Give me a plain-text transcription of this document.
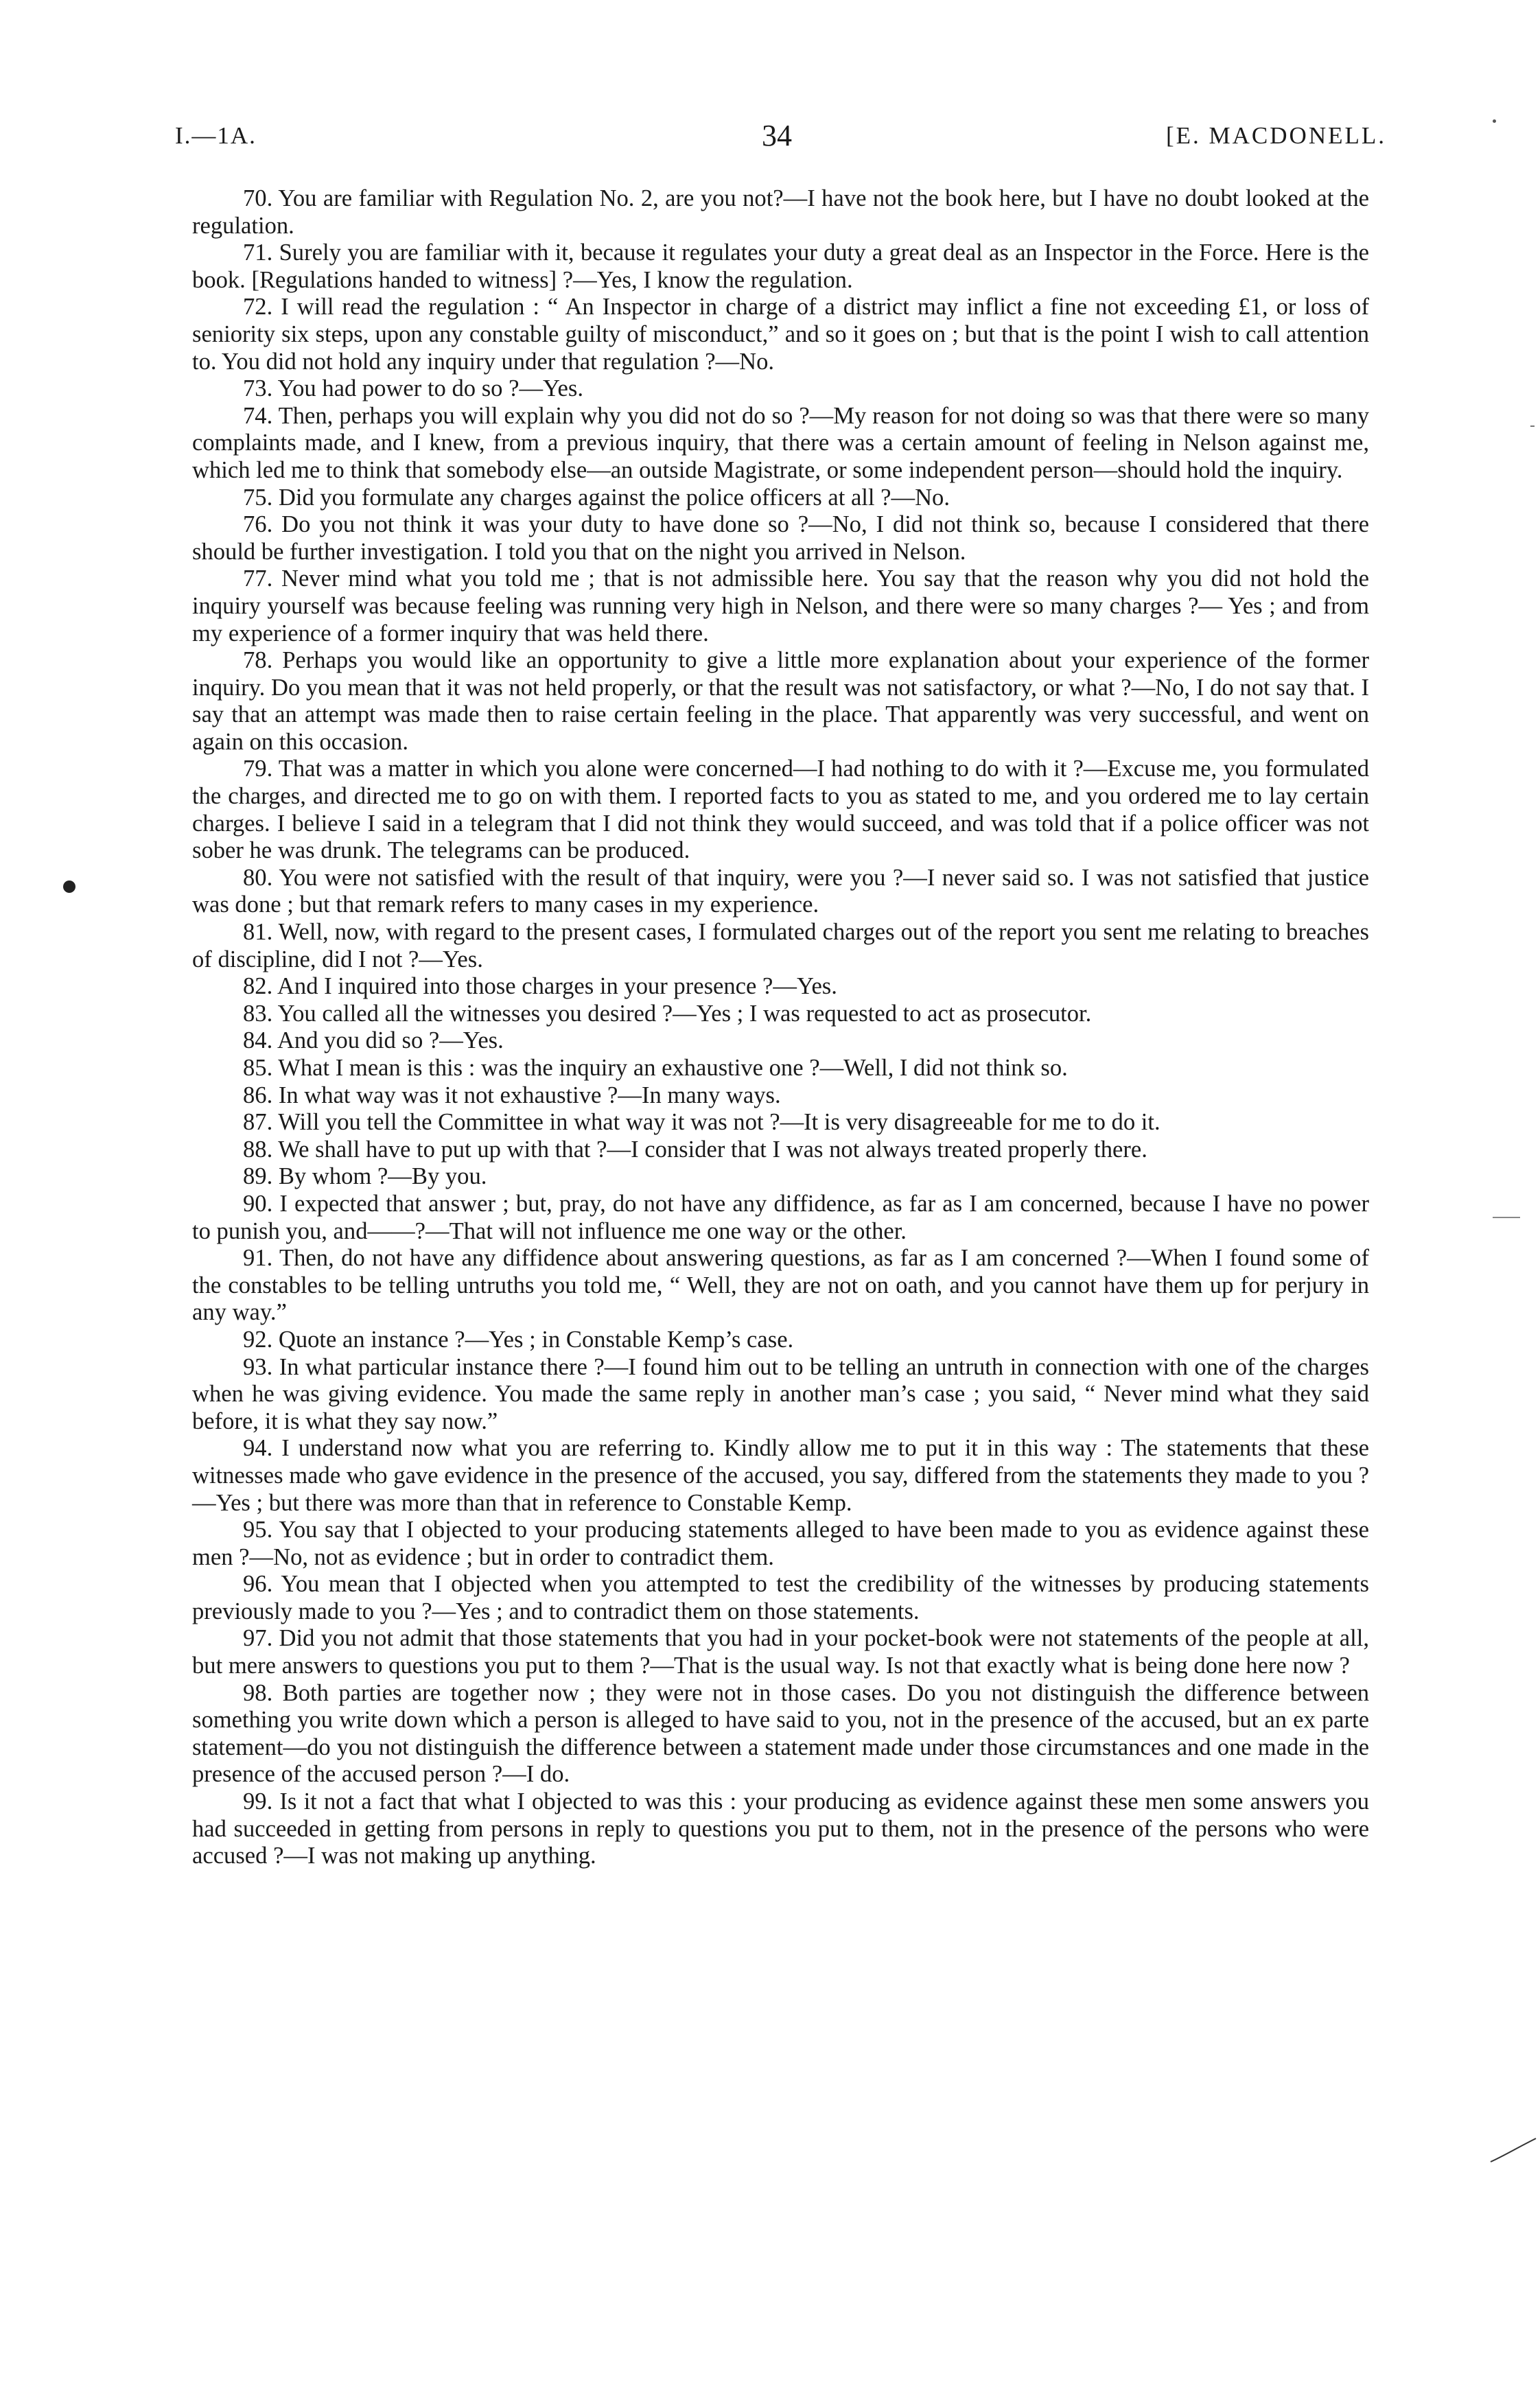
I.—1A.	34	[E. MACDONELL.

70. You are familiar with Regulation No. 2, are you not?—I have not the book here, but I have no doubt looked at the regulation.

71. Surely you are familiar with it, because it regulates your duty a great deal as an Inspector in the Force. Here is the book. [Regulations handed to witness] ?—Yes, I know the regulation.

72. I will read the regulation : “ An Inspector in charge of a district may inflict a fine not exceeding £1, or loss of seniority six steps, upon any constable guilty of misconduct,” and so it goes on ; but that is the point I wish to call attention to. You did not hold any inquiry under that regulation ?—No.

73. You had power to do so ?—Yes.

74. Then, perhaps you will explain why you did not do so ?—My reason for not doing so was that there were so many complaints made, and I knew, from a previous inquiry, that there was a certain amount of feeling in Nelson against me, which led me to think that somebody else—an outside Magistrate, or some independent person—should hold the inquiry.

75. Did you formulate any charges against the police officers at all ?—No.

76. Do you not think it was your duty to have done so ?—No, I did not think so, because I considered that there should be further investigation. I told you that on the night you arrived in Nelson.

77. Never mind what you told me ; that is not admissible here. You say that the reason why you did not hold the inquiry yourself was because feeling was running very high in Nelson, and there were so many charges ?— Yes ; and from my experience of a former inquiry that was held there.

78. Perhaps you would like an opportunity to give a little more explanation about your experience of the former inquiry. Do you mean that it was not held properly, or that the result was not satisfactory, or what ?—No, I do not say that. I say that an attempt was made then to raise certain feeling in the place. That apparently was very successful, and went on again on this occasion.

79. That was a matter in which you alone were concerned—I had nothing to do with it ?—Excuse me, you formulated the charges, and directed me to go on with them. I reported facts to you as stated to me, and you ordered me to lay certain charges. I believe I said in a telegram that I did not think they would succeed, and was told that if a police officer was not sober he was drunk. The telegrams can be produced.

80. You were not satisfied with the result of that inquiry, were you ?—I never said so. I was not satisfied that justice was done ; but that remark refers to many cases in my experience.

81. Well, now, with regard to the present cases, I formulated charges out of the report you sent me relating to breaches of discipline, did I not ?—Yes.

82. And I inquired into those charges in your presence ?—Yes.

83. You called all the witnesses you desired ?—Yes ; I was requested to act as prosecutor.

84. And you did so ?—Yes.

85. What I mean is this : was the inquiry an exhaustive one ?—Well, I did not think so.

86. In what way was it not exhaustive ?—In many ways.

87. Will you tell the Committee in what way it was not ?—It is very disagreeable for me to do it.

88. We shall have to put up with that ?—I consider that I was not always treated properly there.

89. By whom ?—By you.

90. I expected that answer ; but, pray, do not have any diffidence, as far as I am concerned, because I have no power to punish you, and——?—That will not influence me one way or the other.

91. Then, do not have any diffidence about answering questions, as far as I am concerned ?—When I found some of the constables to be telling untruths you told me, “ Well, they are not on oath, and you cannot have them up for perjury in any way.”

92. Quote an instance ?—Yes ; in Constable Kemp’s case.

93. In what particular instance there ?—I found him out to be telling an untruth in connection with one of the charges when he was giving evidence. You made the same reply in another man’s case ; you said, “ Never mind what they said before, it is what they say now.”

94. I understand now what you are referring to. Kindly allow me to put it in this way : The statements that these witnesses made who gave evidence in the presence of the accused, you say, differed from the statements they made to you ?—Yes ; but there was more than that in reference to Constable Kemp.

95. You say that I objected to your producing statements alleged to have been made to you as evidence against these men ?—No, not as evidence ; but in order to contradict them.

96. You mean that I objected when you attempted to test the credibility of the witnesses by producing statements previously made to you ?—Yes ; and to contradict them on those statements.

97. Did you not admit that those statements that you had in your pocket-book were not statements of the people at all, but mere answers to questions you put to them ?—That is the usual way. Is not that exactly what is being done here now ?

98. Both parties are together now ; they were not in those cases. Do you not distinguish the difference between something you write down which a person is alleged to have said to you, not in the presence of the accused, but an ex parte statement—do you not distinguish the difference between a statement made under those circumstances and one made in the presence of the accused person ?—I do.

99. Is it not a fact that what I objected to was this : your producing as evidence against these men some answers you had succeeded in getting from persons in reply to questions you put to them, not in the presence of the persons who were accused ?—I was not making up anything.
